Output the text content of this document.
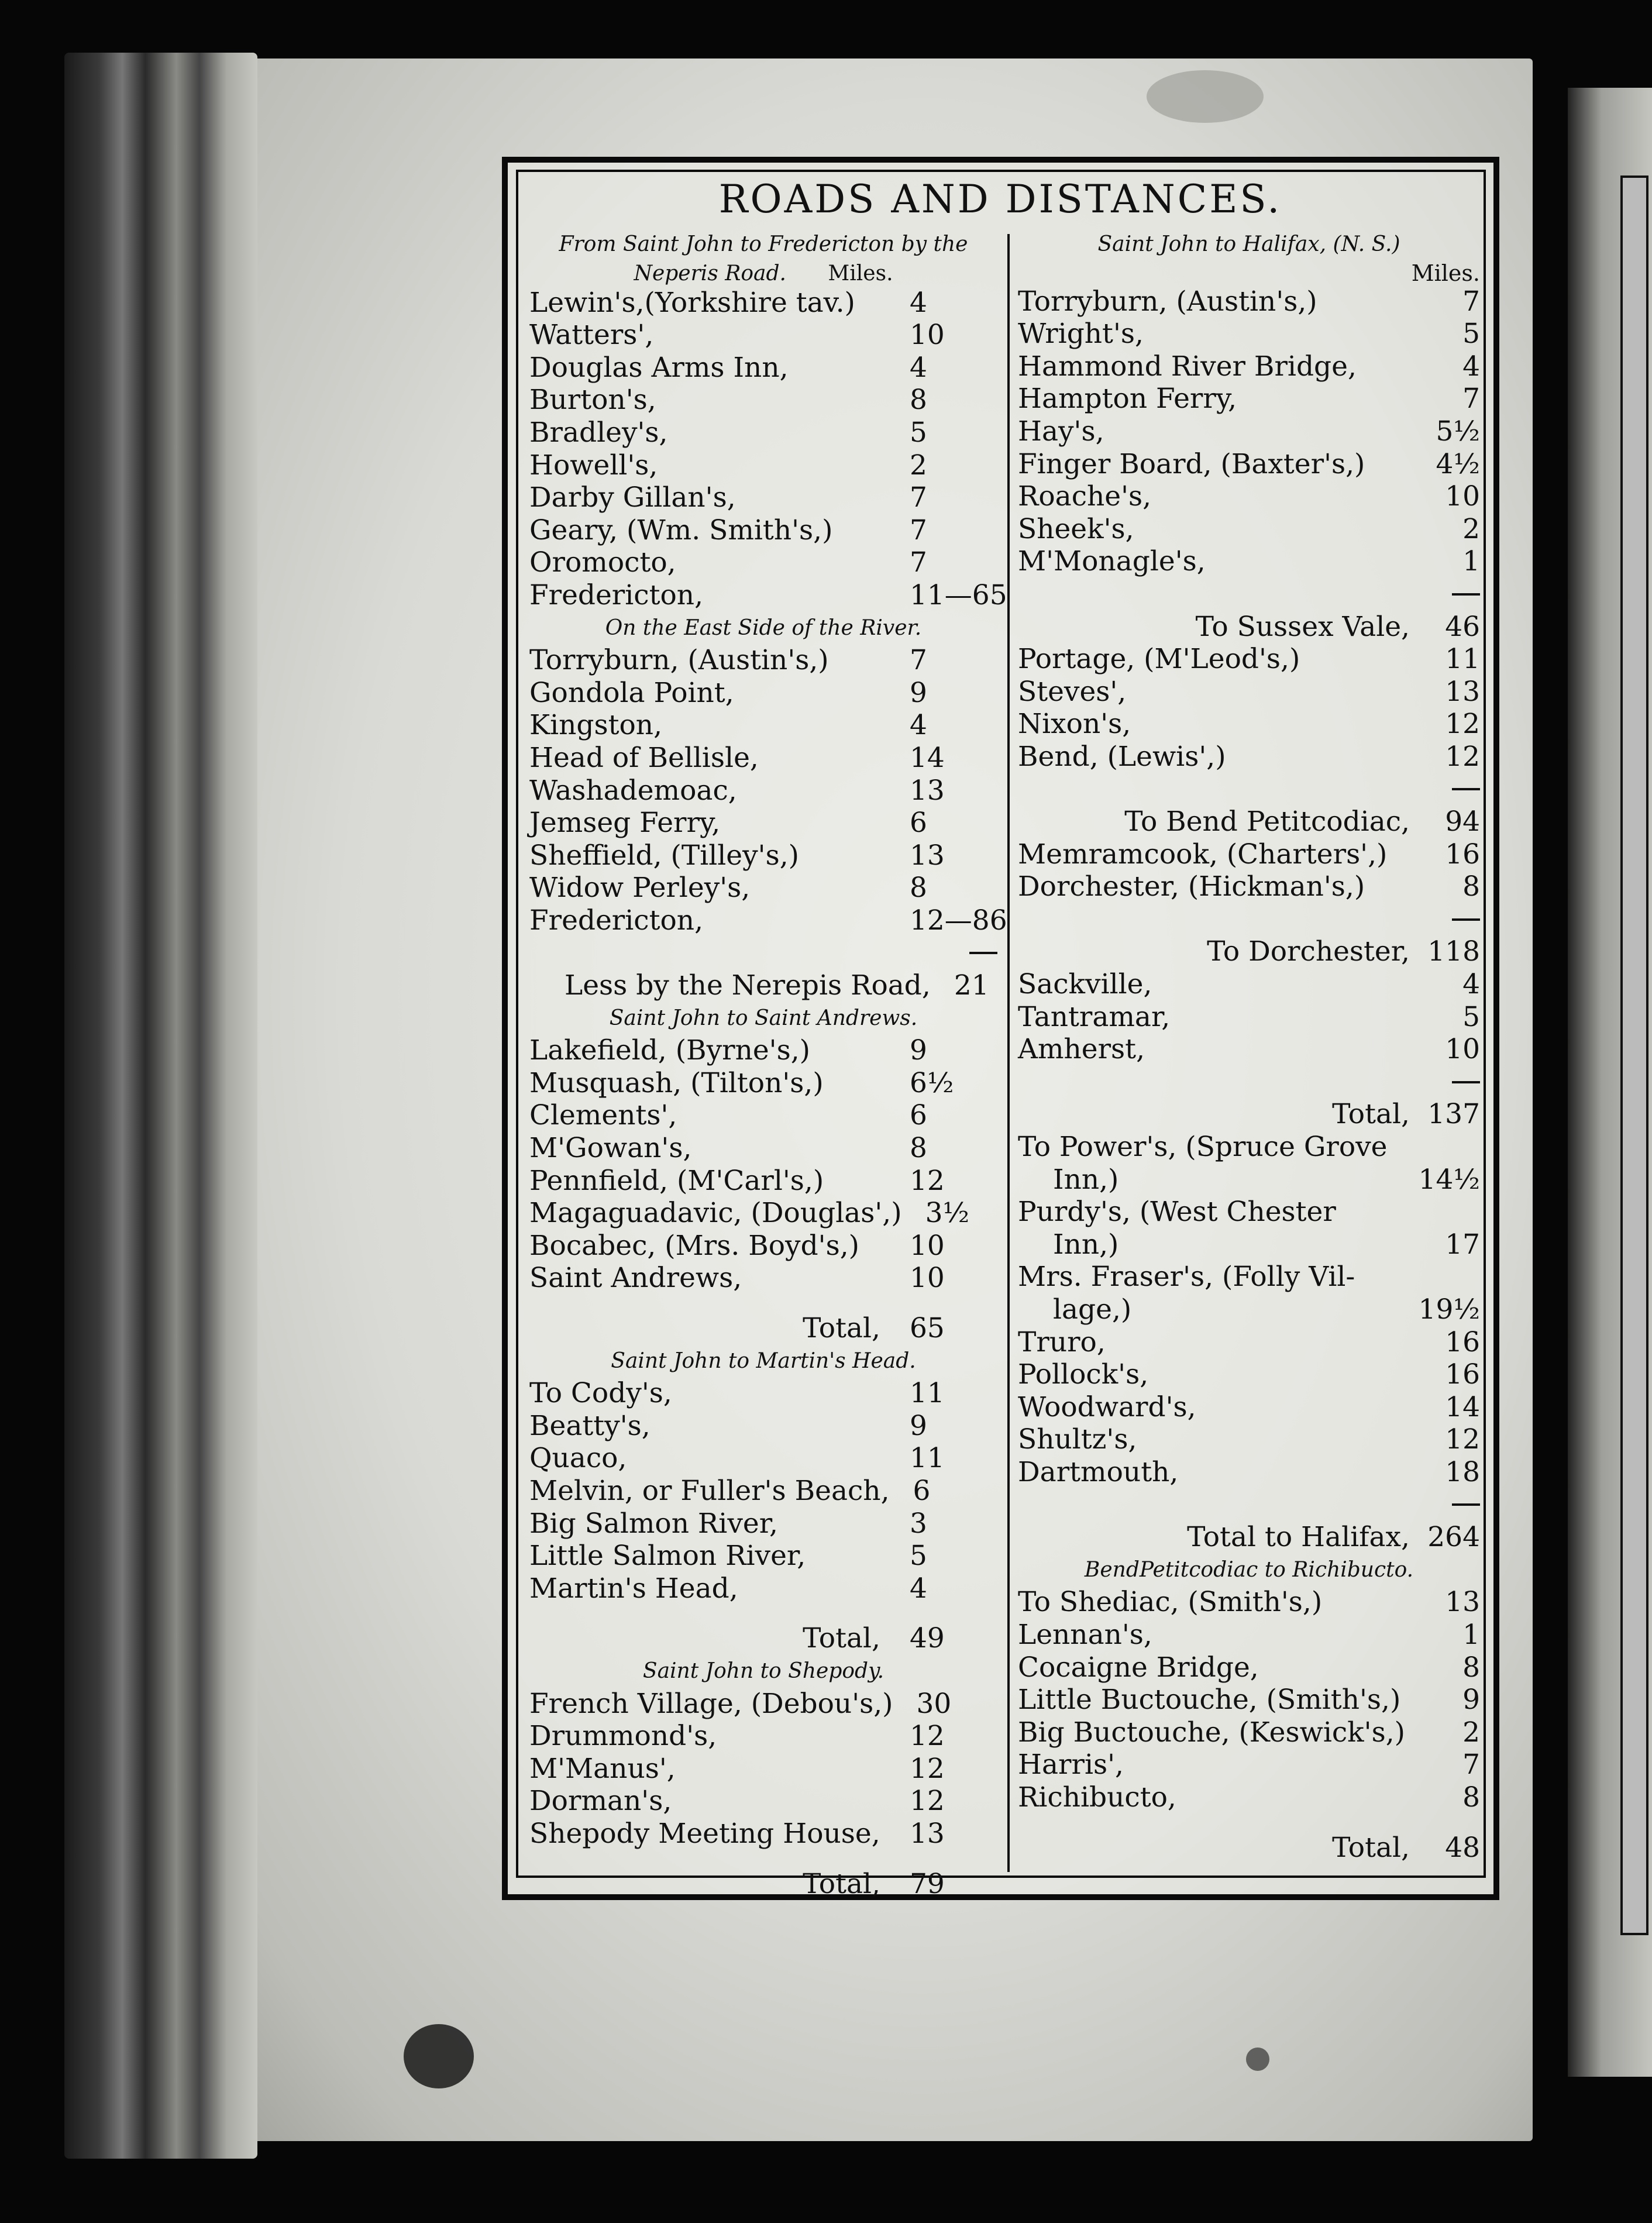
ROADS AND DISTANCES.
From Saint John to Fredericton by the
Neperis Road. Miles.
Lewin's,(Yorkshire tav.)	4
Watters',	10
Douglas Arms Inn,	4
Burton's,	8
Bradley's,	5
Howell's,	2
Darby Gillan's,	7
Geary, (Wm. Smith's,)	7
Oromocto,	7
Fredericton,	11—65
On the East Side of the River.
Torryburn, (Austin's,)	7
Gondola Point,	9
Kingston,	4
Head of Bellisle,	14
Washademoac,	13
Jemseg Ferry,	6
Sheffield, (Tilley's,)	13
Widow Perley's,	8
Fredericton,	12—86
Less by the Nerepis Road, 21
Saint John to Saint Andrews.
Lakefield, (Byrne's,)	9
Musquash, (Tilton's,)	6½
Clements',	6
M'Gowan's,	8
Pennfield, (M'Carl's,)	12
Magaguadavic, (Douglas',) 3½
Bocabec, (Mrs. Boyd's,)	10
Saint Andrews,	10
Total,	65
Saint John to Martin's Head.
To Cody's,	11
Beatty's,	9
Quaco,	11
Melvin, or Fuller's Beach, 6
Big Salmon River,	3
Little Salmon River,	5
Martin's Head,	4
Total,	49
Saint John to Shepody.
French Village, (Debou's,) 30
Drummond's,	12
M'Manus',	12
Dorman's,	12
Shepody Meeting House,	13
Total,	79
Saint John to Halifax, (N. S.)
Miles.
Torryburn, (Austin's,)	7
Wright's,	5
Hammond River Bridge,	4
Hampton Ferry,	7
Hay's,	5½
Finger Board, (Baxter's,)	4½
Roache's,	10
Sheek's,	2
M'Monagle's,	1
To Sussex Vale,	46
Portage, (M'Leod's,)	11
Steves',	13
Nixon's,	12
Bend, (Lewis',)	12
To Bend Petitcodiac,	94
Memramcook, (Charters',)	16
Dorchester, (Hickman's,)	8
To Dorchester, 118
Sackville,	4
Tantramar,	5
Amherst,	10
Total, 137
To Power's, (Spruce Grove
Inn,)	14½
Purdy's, (West Chester
Inn,)	17
Mrs. Fraser's, (Folly Vil-
lage,)	19½
Truro,	16
Pollock's,	16
Woodward's,	14
Shultz's,	12
Dartmouth,	18
Total to Halifax, 264
BendPetitcodiac to Richibucto.
To Shediac, (Smith's,)	13
Lennan's,	1
Cocaigne Bridge,	8
Little Buctouche, (Smith's,)	9
Big Buctouche, (Keswick's,)	2
Harris',	7
Richibucto,	8
Total,	48
